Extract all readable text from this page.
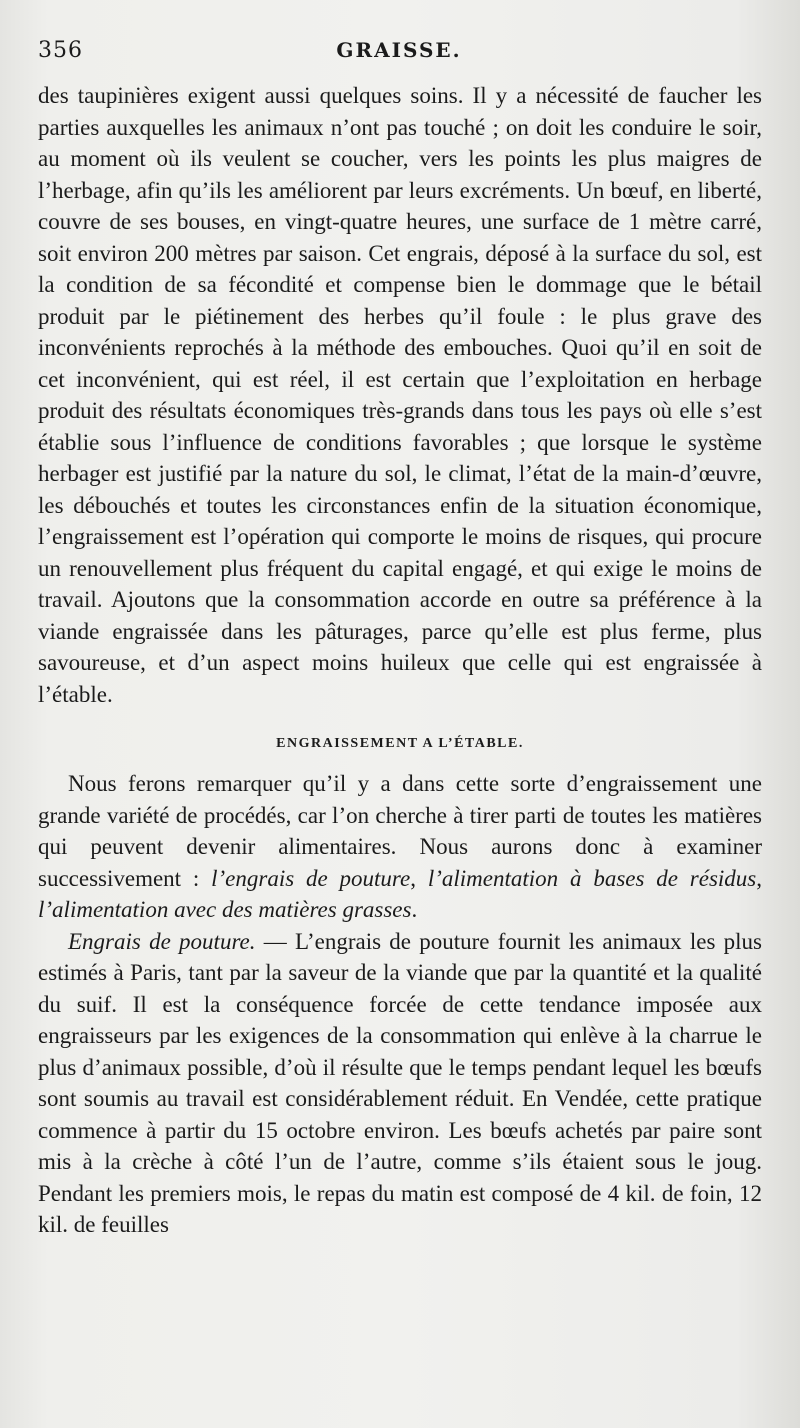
356	GRAISSE.

des taupinières exigent aussi quelques soins. Il y a nécessité de faucher les parties auxquelles les animaux n’ont pas touché ; on doit les conduire le soir, au moment où ils veulent se coucher, vers les points les plus maigres de l’herbage, afin qu’ils les améliorent par leurs excréments. Un bœuf, en liberté, couvre de ses bouses, en vingt-quatre heures, une surface de 1 mètre carré, soit environ 200 mètres par saison. Cet engrais, déposé à la surface du sol, est la condition de sa fécondité et compense bien le dommage que le bétail produit par le piétinement des herbes qu’il foule : le plus grave des inconvénients reprochés à la méthode des embouches. Quoi qu’il en soit de cet inconvénient, qui est réel, il est certain que l’exploitation en herbage produit des résultats économiques très-grands dans tous les pays où elle s’est établie sous l’influence de conditions favorables ; que lorsque le système herbager est justifié par la nature du sol, le climat, l’état de la main-d’œuvre, les débouchés et toutes les circonstances enfin de la situation économique, l’engraissement est l’opération qui comporte le moins de risques, qui procure un renouvellement plus fréquent du capital engagé, et qui exige le moins de travail. Ajoutons que la consommation accorde en outre sa préférence à la viande engraissée dans les pâturages, parce qu’elle est plus ferme, plus savoureuse, et d’un aspect moins huileux que celle qui est engraissée à l’étable.

ENGRAISSEMENT A L’ÉTABLE.

Nous ferons remarquer qu’il y a dans cette sorte d’engraissement une grande variété de procédés, car l’on cherche à tirer parti de toutes les matières qui peuvent devenir alimentaires. Nous aurons donc à examiner successivement : l’engrais de pouture, l’alimentation à bases de résidus, l’alimentation avec des matières grasses.

Engrais de pouture. — L’engrais de pouture fournit les animaux les plus estimés à Paris, tant par la saveur de la viande que par la quantité et la qualité du suif. Il est la conséquence forcée de cette tendance imposée aux engraisseurs par les exigences de la consommation qui enlève à la charrue le plus d’animaux possible, d’où il résulte que le temps pendant lequel les bœufs sont soumis au travail est considérablement réduit. En Vendée, cette pratique commence à partir du 15 octobre environ. Les bœufs achetés par paire sont mis à la crèche à côté l’un de l’autre, comme s’ils étaient sous le joug. Pendant les premiers mois, le repas du matin est composé de 4 kil. de foin, 12 kil. de feuilles
